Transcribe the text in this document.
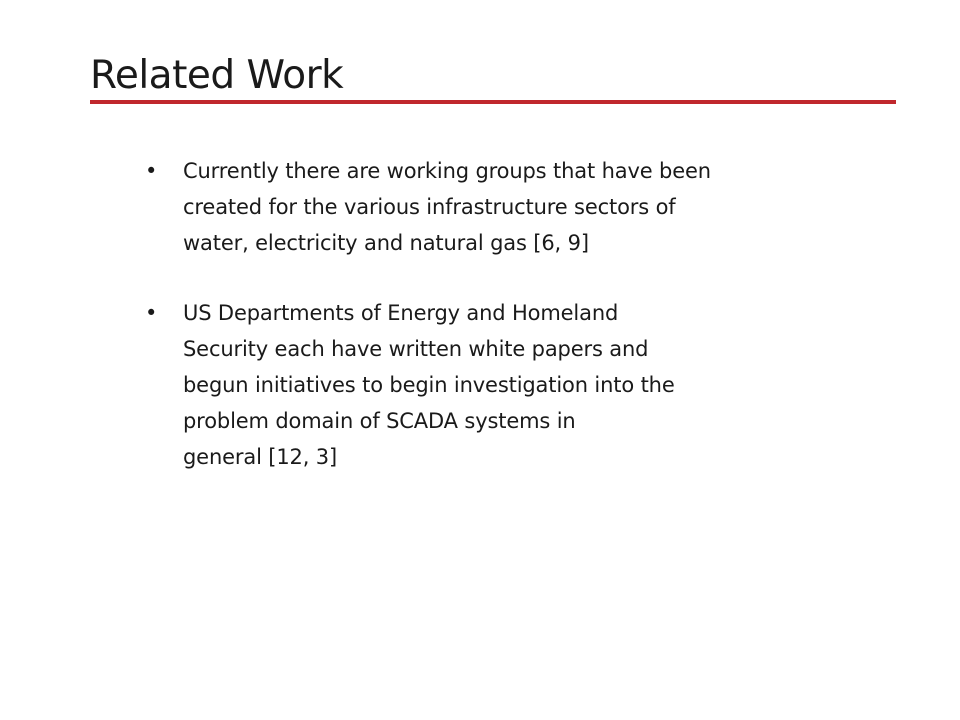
Related Work
•	Currently there are working groups that have been
created for the various infrastructure sectors of
water, electricity and natural gas [6, 9]
•	US Departments of Energy and Homeland
Security each have written white papers and
begun initiatives to begin investigation into the
problem domain of SCADA systems in
general [12, 3]
